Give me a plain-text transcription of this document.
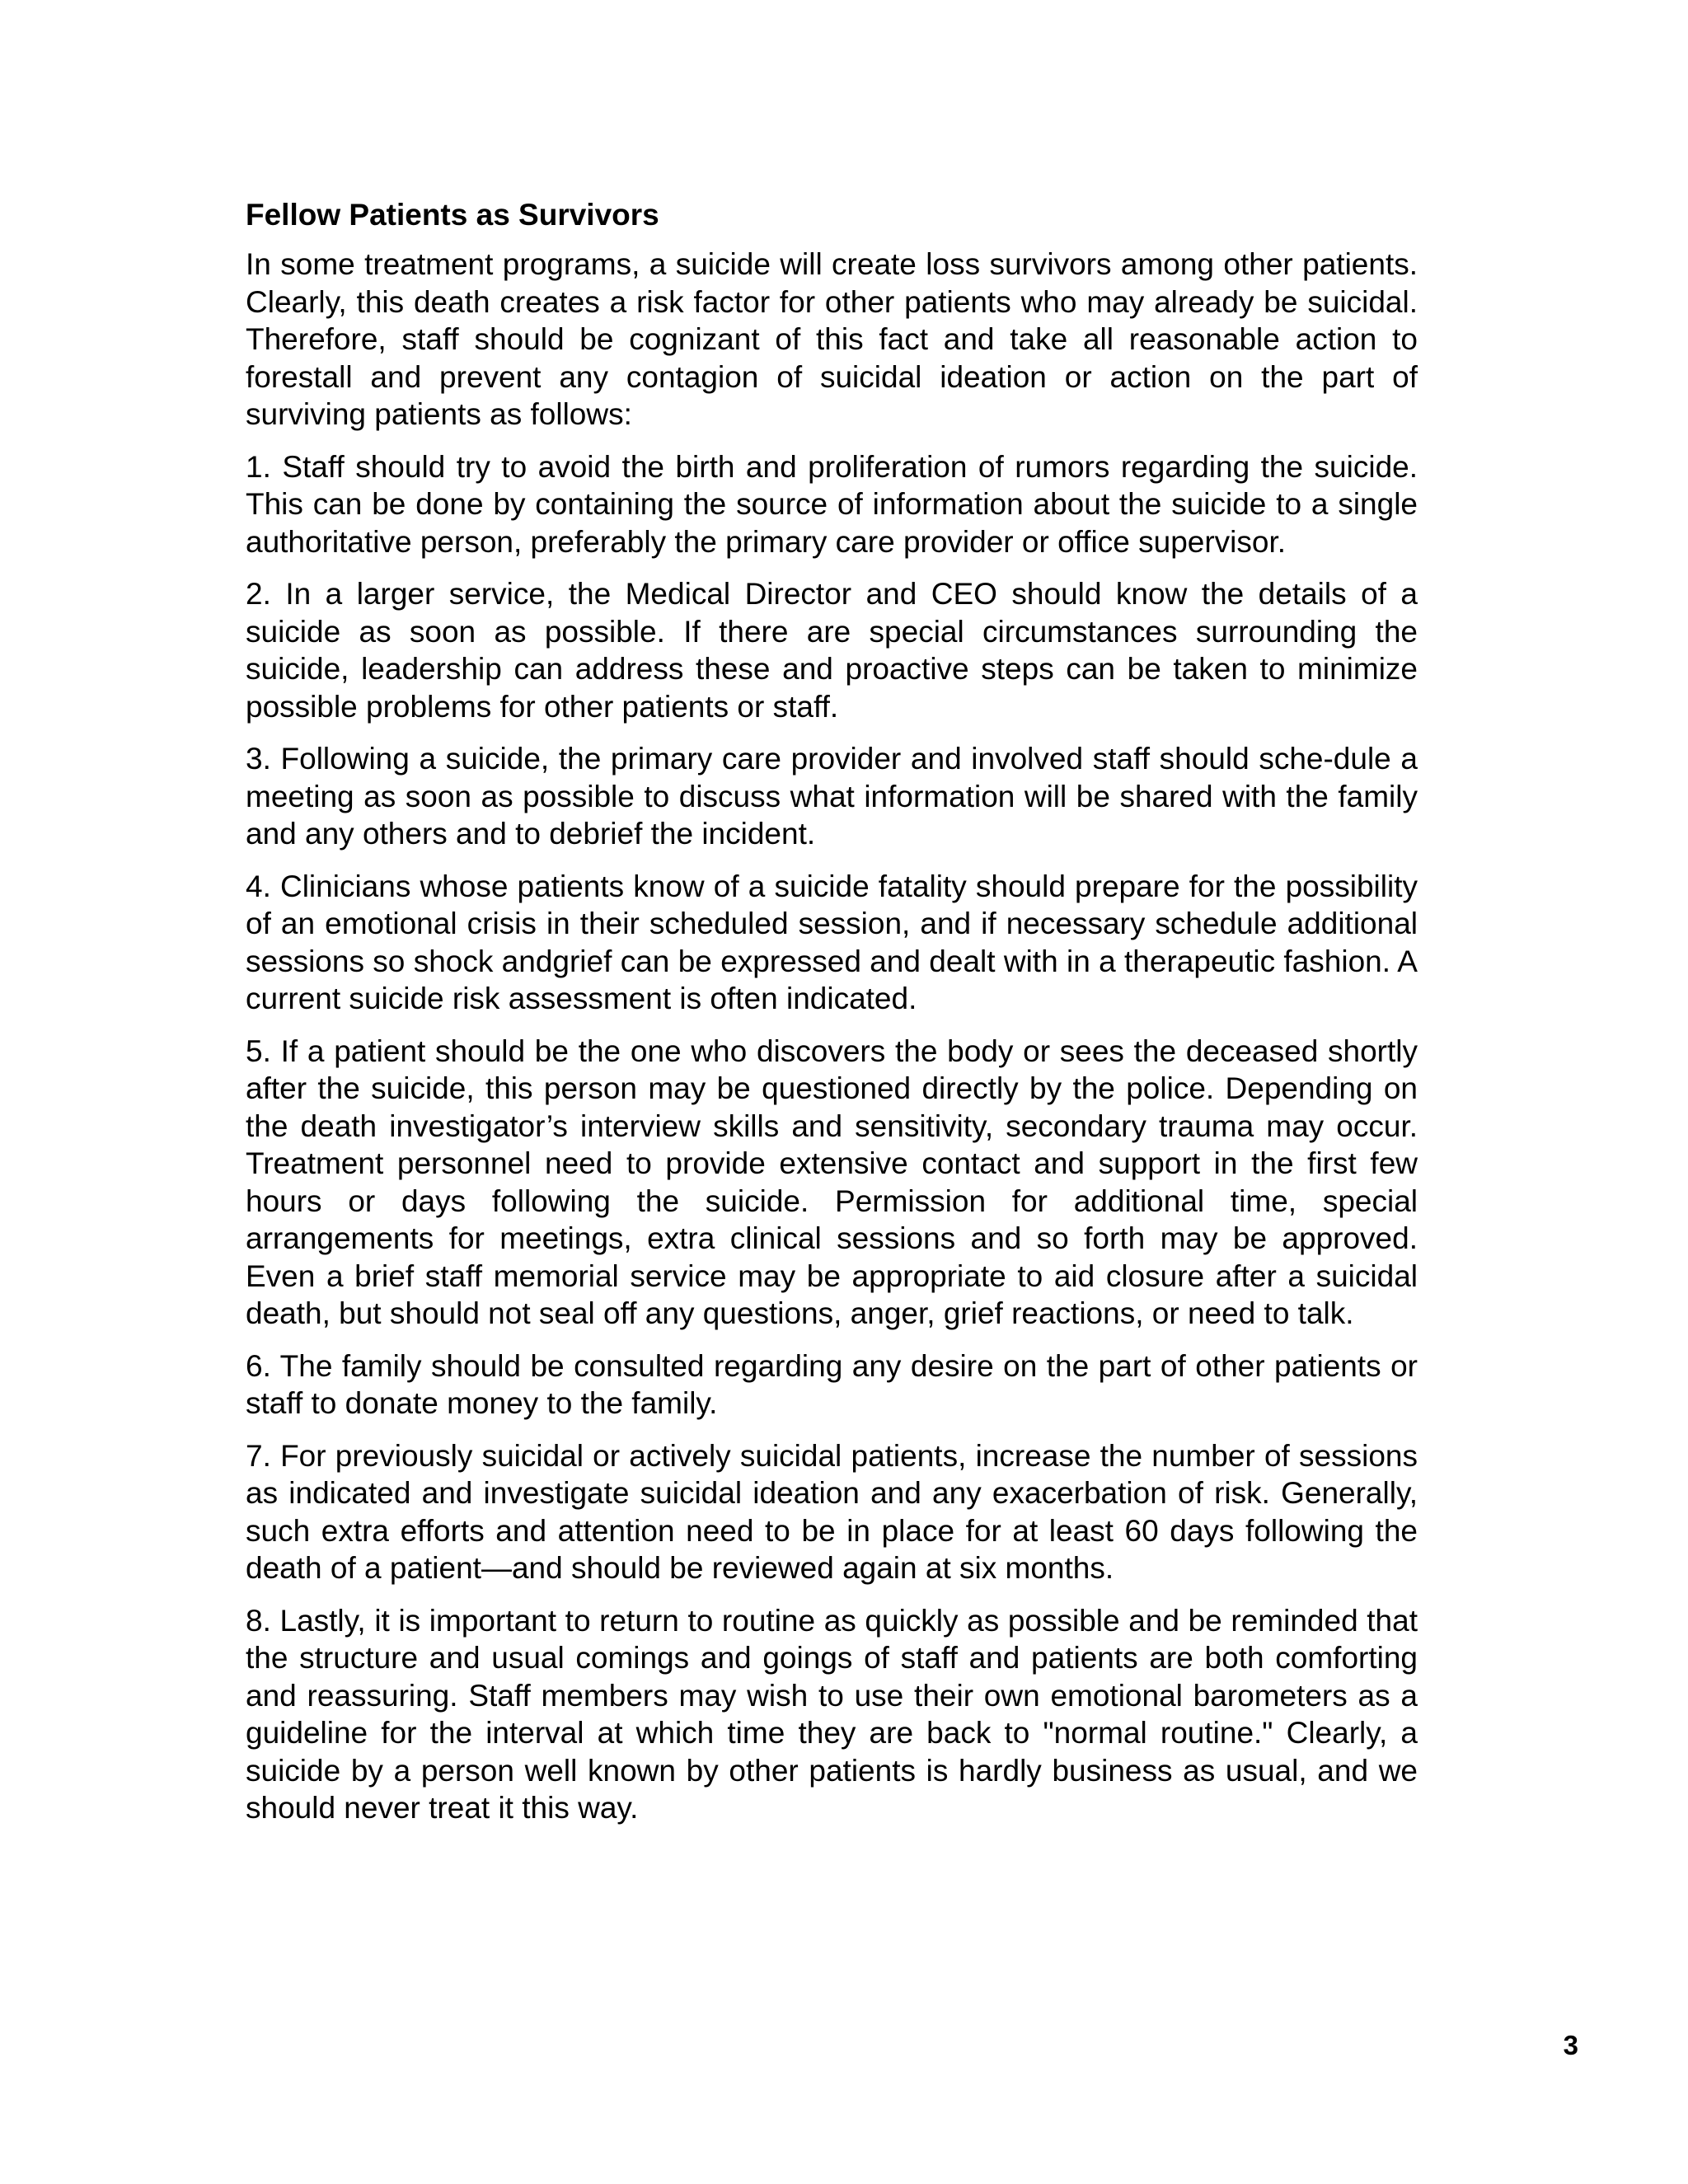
Fellow Patients as Survivors

In some treatment programs, a suicide will create loss survivors among other patients. Clearly, this death creates a risk factor for other patients who may already be suicidal. Therefore, staff should be cognizant of this fact and take all reasonable action to forestall and prevent any contagion of suicidal ideation or action on the part of surviving patients as follows:

1. Staff should try to avoid the birth and proliferation of rumors regarding the suicide. This can be done by containing the source of information about the suicide to a single authoritative person, preferably the primary care provider or office supervisor.

2. In a larger service, the Medical Director and CEO should know the details of a suicide as soon as possible. If there are special circumstances surrounding the suicide, leadership can address these and proactive steps can be taken to minimize possible problems for other patients or staff.

3. Following a suicide, the primary care provider and involved staff should sche-dule a meeting as soon as possible to discuss what information will be shared with the family and any others and to debrief the incident.

4. Clinicians whose patients know of a suicide fatality should prepare for the possibility of an emotional crisis in their scheduled session, and if necessary schedule additional sessions so shock andgrief can be expressed and dealt with in a therapeutic fashion. A current suicide risk assessment is often indicated.

5. If a patient should be the one who discovers the body or sees the deceased shortly after the suicide, this person may be questioned directly by the police. Depending on the death investigator’s interview skills and sensitivity, secondary trauma may occur. Treatment personnel need to provide extensive contact and support in the first few hours or days following the suicide. Permission for additional time, special arrangements for meetings, extra clinical sessions and so forth may be approved. Even a brief staff memorial service may be appropriate to aid closure after a suicidal death, but should not seal off any questions, anger, grief reactions, or need to talk.

6. The family should be consulted regarding any desire on the part of other patients or staff to donate money to the family.

7. For previously suicidal or actively suicidal patients, increase the number of sessions as indicated and investigate suicidal ideation and any exacerbation of risk. Generally, such extra efforts and attention need to be in place for at least 60 days following the death of a patient—and should be reviewed again at six months.

8. Lastly, it is important to return to routine as quickly as possible and be reminded that the structure and usual comings and goings of staff and patients are both comforting and reassuring. Staff members may wish to use their own emotional barometers as a guideline for the interval at which time they are back to "normal routine." Clearly, a suicide by a person well known by other patients is hardly business as usual, and we should never treat it this way.

3
